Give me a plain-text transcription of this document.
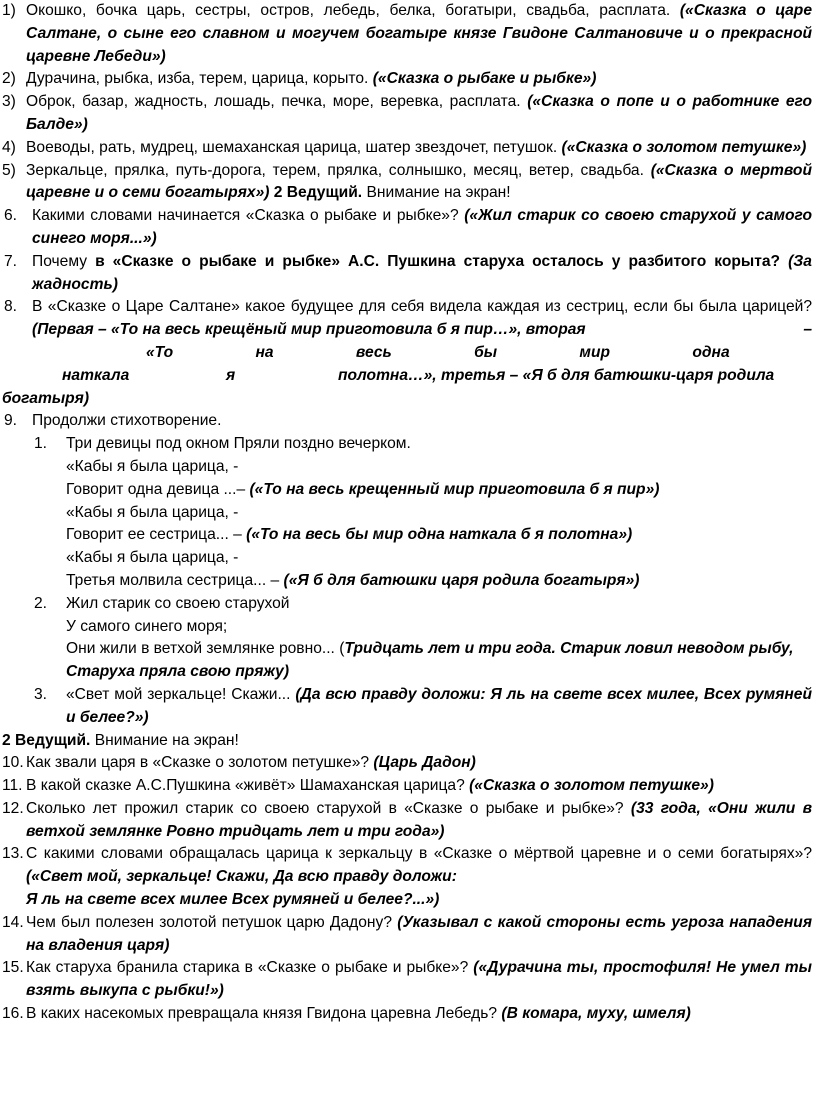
1) Окошко, бочка царь, сестры, остров, лебедь, белка, богатыри, свадьба, расплата. («Сказка о царе Салтане, о сыне его славном и могучем богатыре князе Гвидоне Салтановиче и о прекрасной царевне Лебеди»)
2) Дурачина, рыбка, изба, терем, царица, корыто. («Сказка о рыбаке и рыбке»)
3) Оброк, базар, жадность, лошадь, печка, море, веревка, расплата. («Сказка о попе и о работнике его Балде»)
4) Воеводы, рать, мудрец, шемаханская царица, шатер звездочет, петушок. («Сказка о золотом петушке»)
5) Зеркальце, прялка, путь-дорога, терем, прялка, солнышко, месяц, ветер, свадьба. («Сказка о мертвой царевне и о семи богатырях») 2 Ведущий. Внимание на экран!
6. Какими словами начинается «Сказка о рыбаке и рыбке»? («Жил старик со своею старухой у самого синего моря...»)
7. Почему в «Сказке о рыбаке и рыбке» А.С. Пушкина старуха осталось у разбитого корыта? (За жадность)
8. В «Сказке о Царе Салтане» какое будущее для себя видела каждая из сестриц, если бы была царицей? (Первая – «То на весь крещёный мир приготовила б я пир…», вторая	–
«То	на	весь	бы	мир	одна
наткала	я	полотна…», третья – «Я б для батюшки-царя родила
богатыря)
9. Продолжи стихотворение.
1. Три девицы под окном Пряли поздно вечерком.
«Кабы я была царица, -
Говорит одна девица ...– («То на весь крещенный мир приготовила б я пир»)
«Кабы я была царица, -
Говорит ее сестрица... – («То на весь бы мир одна наткала б я полотна»)
«Кабы я была царица, -
Третья молвила сестрица... – («Я б для батюшки царя родила богатыря»)
2. Жил старик со своею старухой
У самого синего моря;
Они жили в ветхой землянке ровно... (Тридцать лет и три года. Старик ловил неводом рыбу, Старуха пряла свою пряжу)
3. «Свет мой зеркальце! Скажи... (Да всю правду доложи: Я ль на свете всех милее, Всех румяней и белее?»)
2 Ведущий. Внимание на экран!
10. Как звали царя в «Сказке о золотом петушке»? (Царь Дадон)
11. В какой сказке А.С.Пушкина «живёт» Шамаханская царица? («Сказка о золотом петушке»)
12. Сколько лет прожил старик со своею старухой в «Сказке о рыбаке и рыбке»? (33 года, «Они жили в ветхой землянке Ровно тридцать лет и три года»)
13. С какими словами обращалась царица к зеркальцу в «Сказке о мёртвой царевне и о семи богатырях»? («Свет мой, зеркальце! Скажи, Да всю правду доложи:
Я ль на свете всех милее Всех румяней и белее?...»)
14. Чем был полезен золотой петушок царю Дадону? (Указывал с какой стороны есть угроза нападения на владения царя)
15. Как старуха бранила старика в «Сказке о рыбаке и рыбке»? («Дурачина ты, простофиля! Не умел ты взять выкупа с рыбки!»)
16. В каких насекомых превращала князя Гвидона царевна Лебедь? (В комара, муху, шмеля)
